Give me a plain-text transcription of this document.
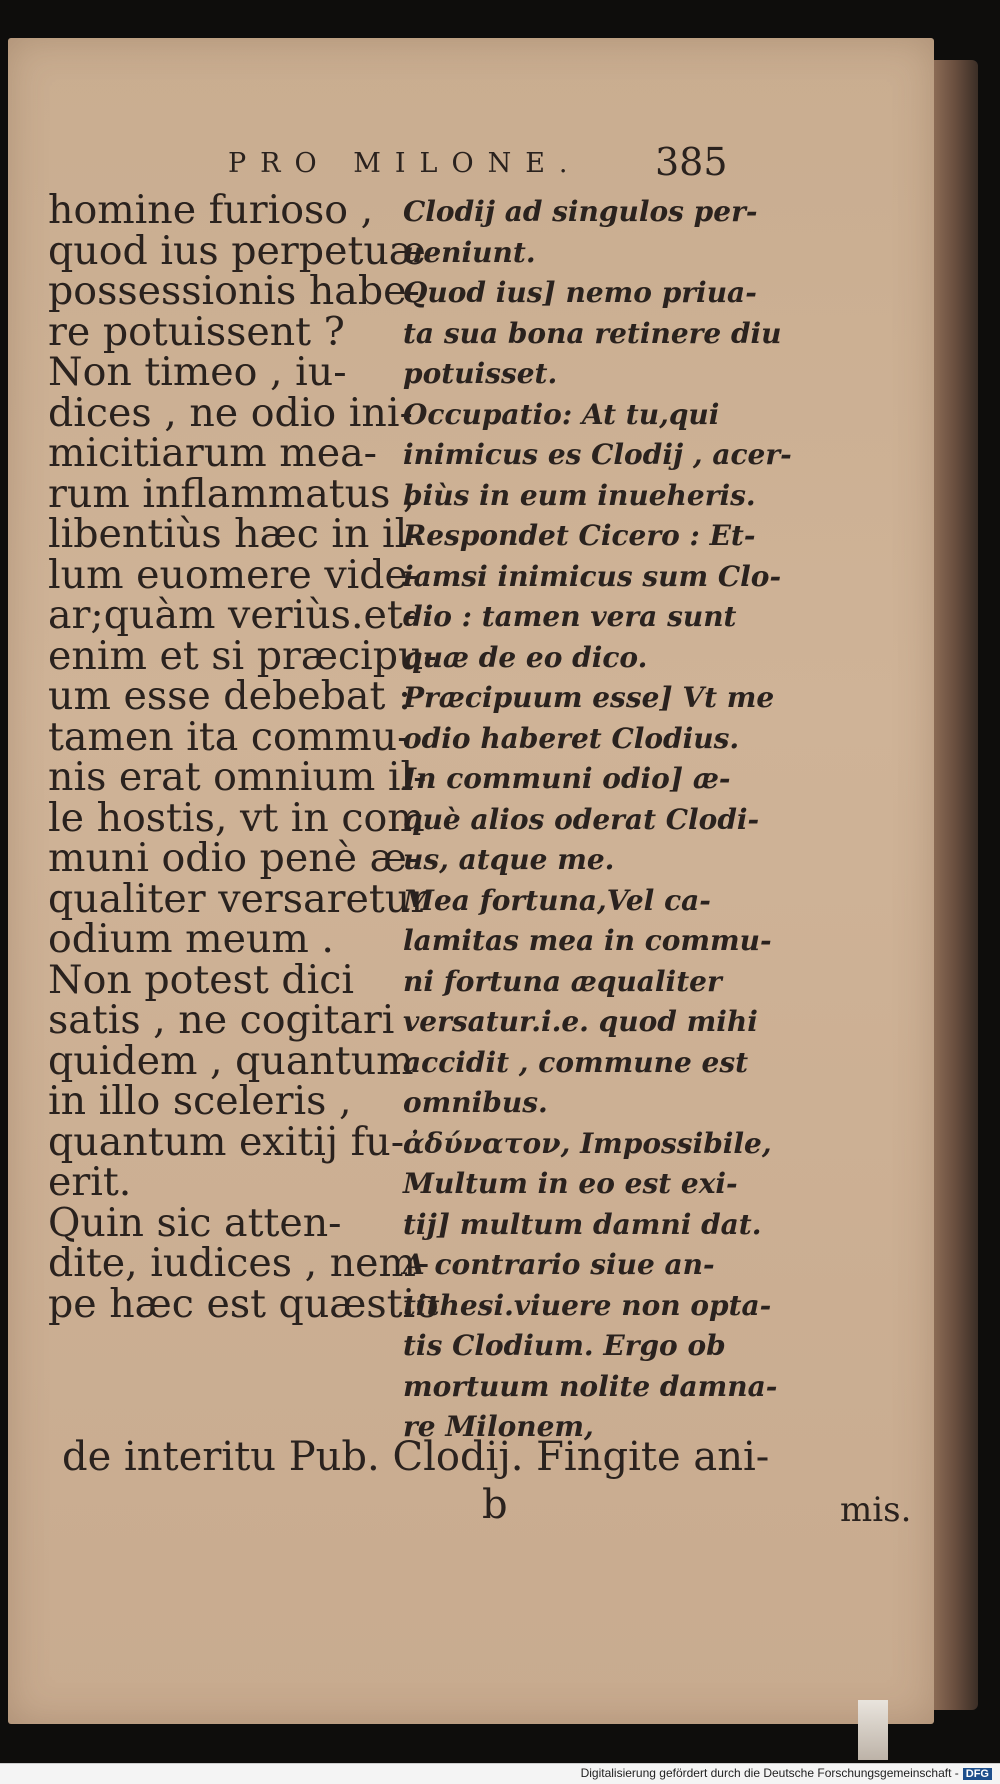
PRO MILONE. 385
homine furioso ,
quod ius perpetuæ
possessionis habe-
re potuissent ?
Non timeo , iu-
dices , ne odio ini-
micitiarum mea-
rum inflammatus ,
libentiùs hæc in il-
lum euomere vide-
ar;quàm veriùs.et-
enim et si præcipu-
um esse debebat :
tamen ita commu-
nis erat omnium il-
le hostis, vt in com
muni odio penè æ-
qualiter versaretur
odium meum .
Non potest dici
satis , ne cogitari
quidem , quantum
in illo sceleris ,
quantum exitij fu-
erit.
Quin sic atten-
dite, iudices , nem-
pe hæc est quæstio
Clodij ad singulos per-
ueniunt.
Quod ius] nemo priua-
ta sua bona retinere diu
potuisset.
Occupatio: At tu,qui
inimicus es Clodij , acer-
biùs in eum inueheris.
Respondet Cicero : Et-
iamsi inimicus sum Clo-
dio : tamen vera sunt
quæ de eo dico.
Præcipuum esse] Vt me
odio haberet Clodius.
In communi odio] æ-
què alios oderat Clodi-
us, atque me.
Mea fortuna,Vel ca-
lamitas mea in commu-
ni fortuna æqualiter
versatur.i.e. quod mihi
accidit , commune est
omnibus.
ἀδύνατον, Impossibile,
Multum in eo est exi-
tij] multum damni dat.
A contrario siue an-
tithesi.viuere non opta-
tis Clodium. Ergo ob
mortuum nolite damna-
re Milonem,
de interitu Pub. Clodij. Fingite ani-
b	mis.
Digitalisierung gefördert durch die Deutsche Forschungsgemeinschaft - DFG
